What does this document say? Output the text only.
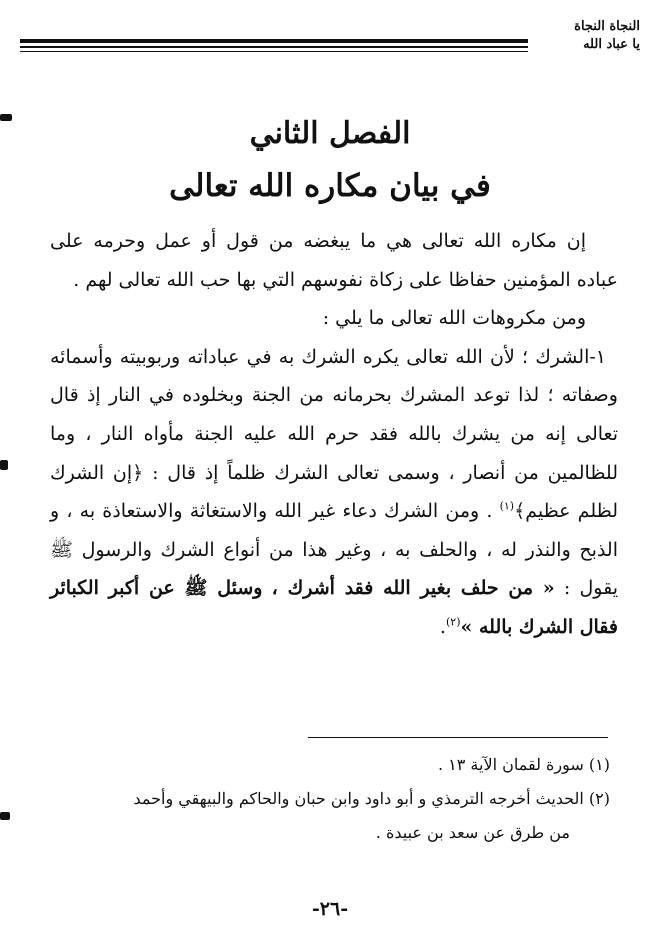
النجاة النجاة
يا عباد الله
الفصل الثاني
في بيان مكاره الله تعالى

إن مكاره الله تعالى هي ما يبغضه من قول أو عمل وحرمه على عباده المؤمنين حفاظا على زكاة نفوسهم التي بها حب الله تعالى لهم .

ومن مكروهات الله تعالى ما يلي :

١-الشرك ؛ لأن الله تعالى يكره الشرك به في عباداته وربوبيته وأسمائه وصفاته ؛ لذا توعد المشرك بحرمانه من الجنة وبخلوده في النار إذ قال تعالى إنه من يشرك بالله فقد حرم الله عليه الجنة مأواه النار ، وما للظالمين من أنصار ، وسمى تعالى الشرك ظلماً إذ قال : ﴿إن الشرك لظلم عظيم﴾$^{(١)}$ . ومن الشرك دعاء غير الله والاستغاثة والاستعاذة به ، و الذبح والنذر له ، والحلف به ، وغير هذا من أنواع الشرك والرسول ﷺ يقول : « من حلف بغير الله فقد أشرك ، وسئل ﷺ عن أكبر الكبائر فقال الشرك بالله »$^{(٢)}$.

(١) سورة لقمان الآية ١٣ .

(٢) الحديث أخرجه الترمذي و أبو داود وابن حبان والحاكم والبيهقي وأحمد
من طرق عن سعد بن عبيدة .

-٢٦-
